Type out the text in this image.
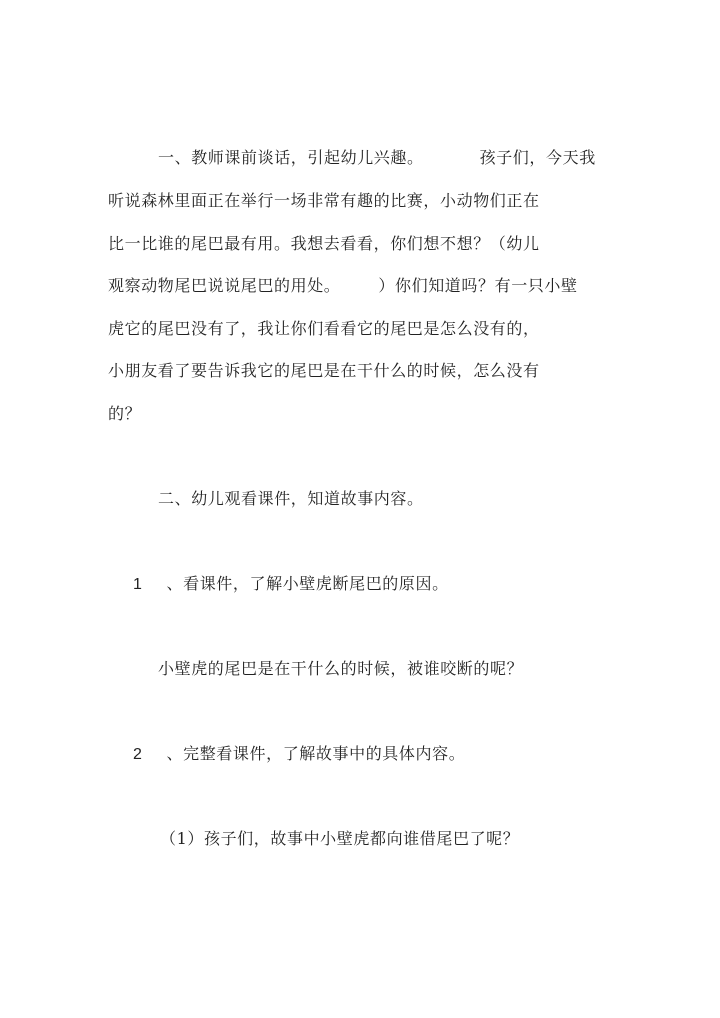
一、教师课前谈话，引起幼儿兴趣。	孩子们，今天我
听说森林里面正在举行一场非常有趣的比赛，小动物们正在
比一比谁的尾巴最有用。我想去看看，你们想不想？（幼儿
观察动物尾巴说说尾巴的用处。 ）你们知道吗？有一只小壁
虎它的尾巴没有了，我让你们看看它的尾巴是怎么没有的，
小朋友看了要告诉我它的尾巴是在干什么的时候，怎么没有
的？
二、幼儿观看课件，知道故事内容。
1 、看课件，了解小壁虎断尾巴的原因。
小壁虎的尾巴是在干什么的时候，被谁咬断的呢？
2 、完整看课件，了解故事中的具体内容。
（1）孩子们，故事中小壁虎都向谁借尾巴了呢？
